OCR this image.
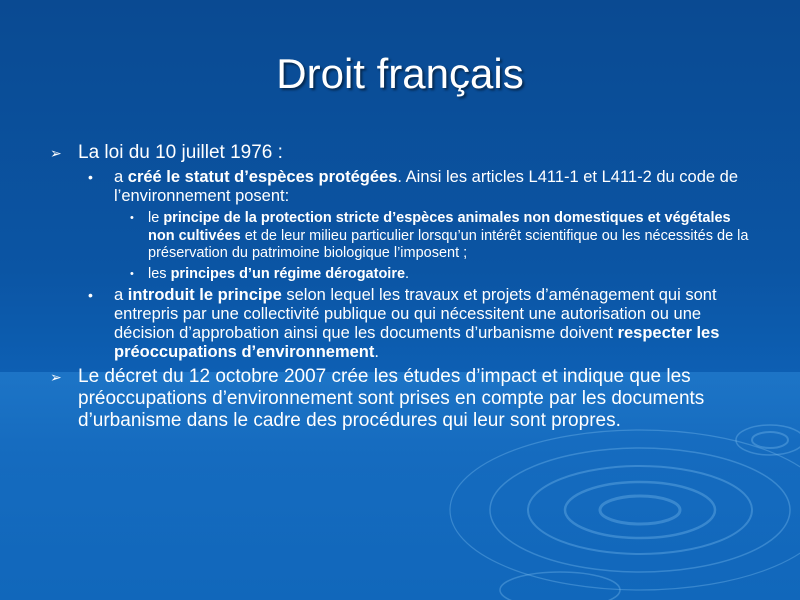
Droit français
➢ La loi du 10 juillet 1976 :
• a créé le statut d’espèces protégées. Ainsi les articles L411-1 et L411-2 du code de l’environnement posent:
• le principe de la protection stricte d’espèces animales non domestiques et végétales non cultivées et de leur milieu particulier lorsqu’un intérêt scientifique ou les nécessités de la préservation du patrimoine biologique l’imposent ;
• les principes d’un régime dérogatoire.
• a introduit le principe selon lequel les travaux et projets d’aménagement qui sont entrepris par une collectivité publique ou qui nécessitent une autorisation ou une décision d’approbation ainsi que les documents d’urbanisme doivent respecter les préoccupations d’environnement.
➢ Le décret du 12 octobre 2007 crée les études d’impact et indique que les préoccupations d’environnement sont prises en compte par les documents d’urbanisme dans le cadre des procédures qui leur sont propres.
